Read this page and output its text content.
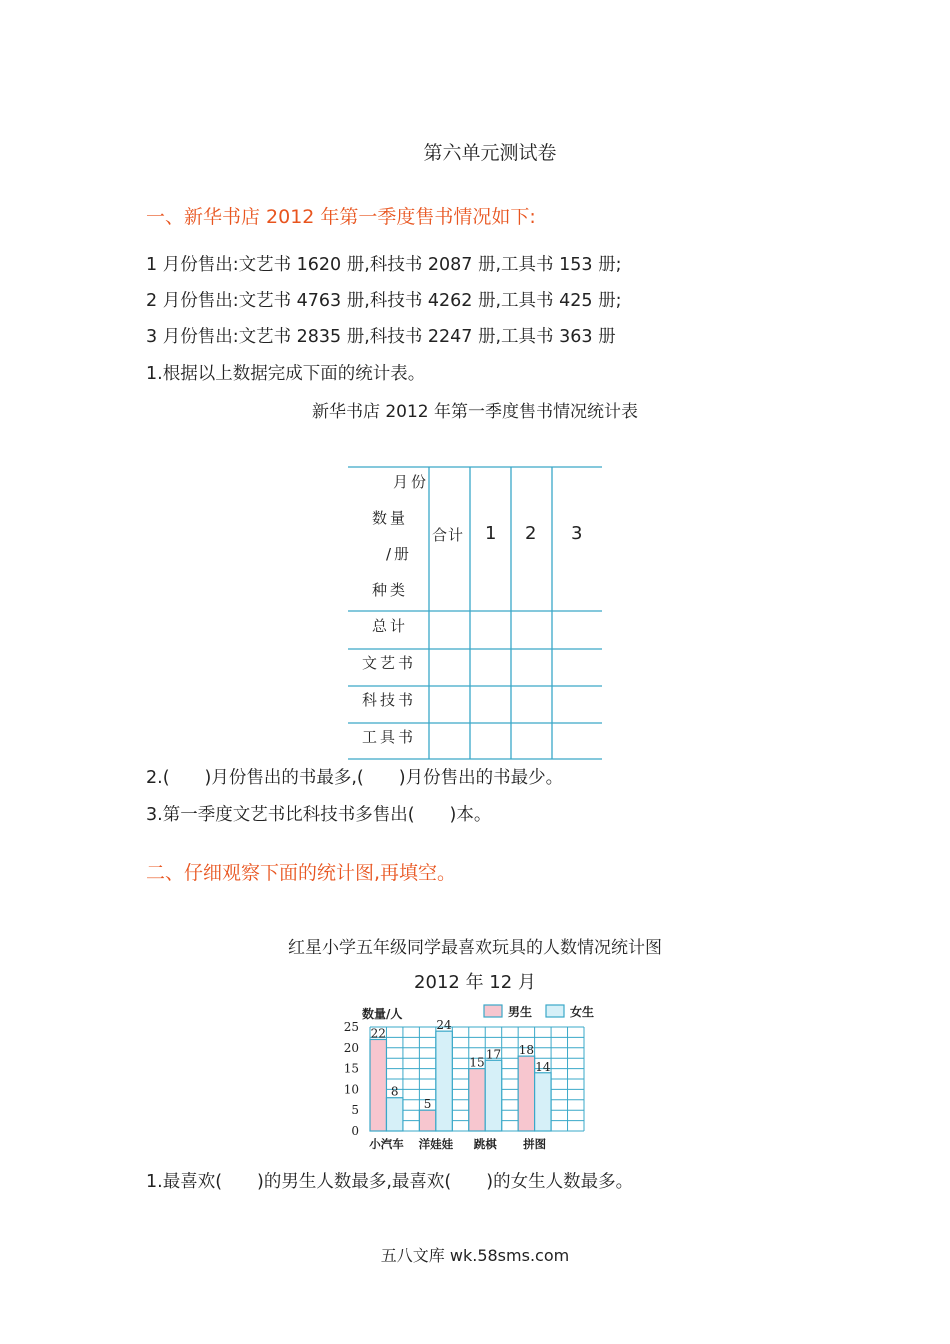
第六单元测试卷
一、新华书店 2012 年第一季度售书情况如下:
1 月份售出:文艺书 1620 册,科技书 2087 册,工具书 153 册;
2 月份售出:文艺书 4763 册,科技书 4262 册,工具书 425 册;
3 月份售出:文艺书 2835 册,科技书 2247 册,工具书 363 册
1.根据以上数据完成下面的统计表。
新华书店 2012 年第一季度售书情况统计表
月份
数量
/册
种类
合计 1 2 3
总计
文艺书
科技书
工具书
2.(　　)月份售出的书最多,(　　)月份售出的书最少。
3.第一季度文艺书比科技书多售出(　　)本。
二、仔细观察下面的统计图,再填空。
红星小学五年级同学最喜欢玩具的人数情况统计图
2012 年 12 月
0
5
10
15
20
25
数量/人
22
8
小汽车
5
24
洋娃娃
15
17
跳棋
18
14
拼图
男生	女生
1.最喜欢(　　)的男生人数最多,最喜欢(　　)的女生人数最多。
五八文库 wk.58sms.com
